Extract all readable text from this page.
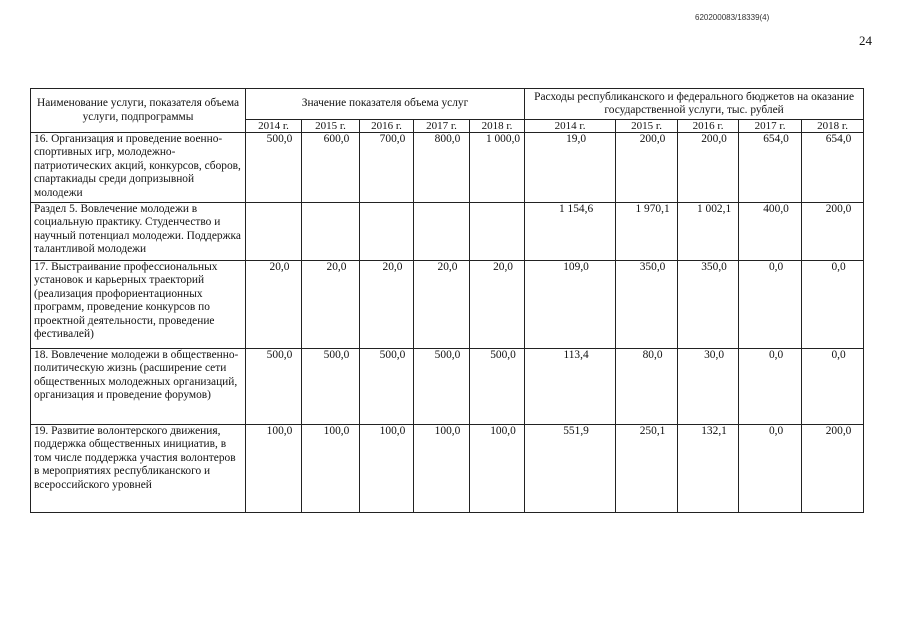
620200083/18339(4)
24
Наименование услуги, показателя объема услуги, подпрограммы	Значение показателя объема услуг					Расходы республиканского и федерального бюджетов на оказание государственной услуги, тыс. рублей				
	2014 г.	2015 г.	2016 г.	2017 г.	2018 г.	2014 г.	2015 г.	2016 г.	2017 г.	2018 г.
16. Организация и проведение военно-спортивных игр, молодежно-патриотических акций, конкурсов, сборов, спартакиады среди допризывной молодежи	500,0	600,0	700,0	800,0	1 000,0	19,0	200,0	200,0	654,0	654,0
Раздел 5. Вовлечение молодежи в социальную практику. Студенчество и научный потенциал молодежи. Поддержка талантливой молодежи						1 154,6	1 970,1	1 002,1	400,0	200,0
17. Выстраивание профессиональных установок и карьерных траекторий (реализация профориентационных программ, проведение конкурсов по проектной деятельности, проведение фестивалей)	20,0	20,0	20,0	20,0	20,0	109,0	350,0	350,0	0,0	0,0
18. Вовлечение молодежи в общественно-политическую жизнь (расширение сети общественных молодежных организаций, организация и проведение форумов)	500,0	500,0	500,0	500,0	500,0	113,4	80,0	30,0	0,0	0,0
19. Развитие волонтерского движения, поддержка общественных инициатив, в том числе поддержка участия волонтеров в мероприятиях республиканского и всероссийского уровней	100,0	100,0	100,0	100,0	100,0	551,9	250,1	132,1	0,0	200,0
